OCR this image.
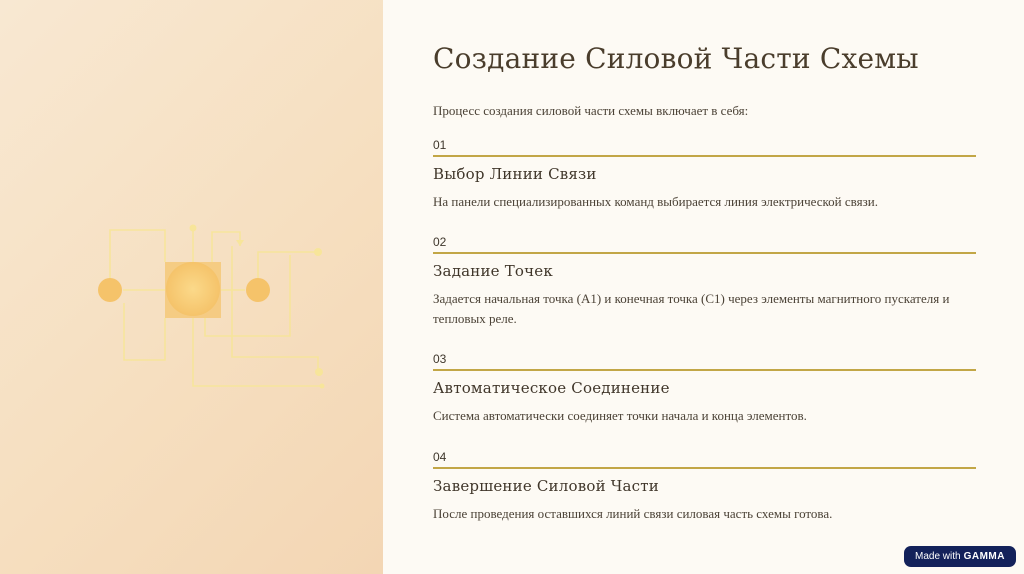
Создание Силовой Части Схемы
Процесс создания силовой части схемы включает в себя:
01
Выбор Линии Связи
На панели специализированных команд выбирается линия электрической связи.
02
Задание Точек
Задается начальная точка (A1) и конечная точка (C1) через элементы магнитного пускателя и тепловых реле.
03
Автоматическое Соединение
Система автоматически соединяет точки начала и конца элементов.
04
Завершение Силовой Части
После проведения оставшихся линий связи силовая часть схемы готова.
Made with GAMMA
